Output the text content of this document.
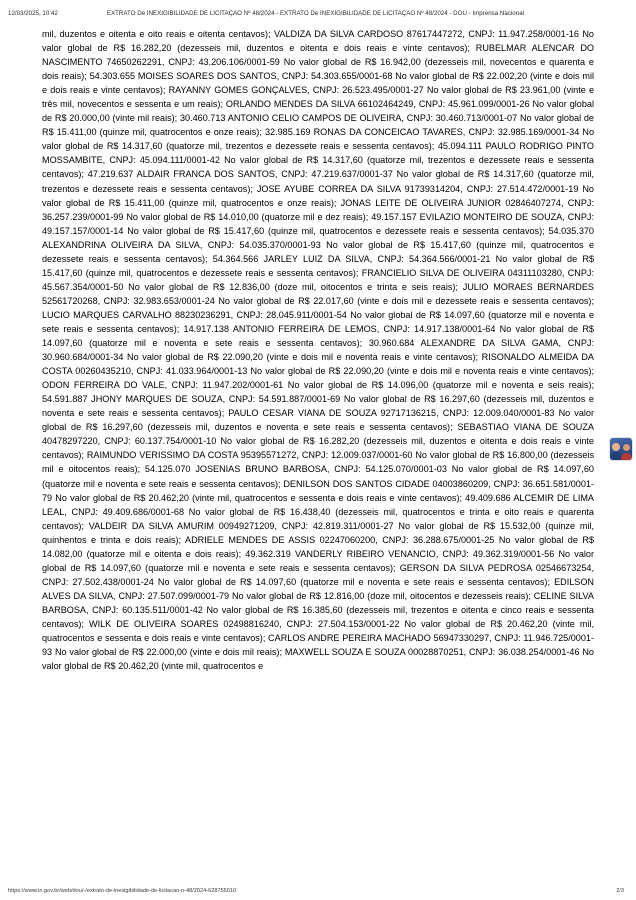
12/03/2025, 10:42	EXTRATO De INEXIGIBILIDADE DE LICITAÇÃO Nº 48/2024 - EXTRATO De INEXIGIBILIDADE DE LICITAÇÃO Nº 48/2024 - DOU - Imprensa Nacional
mil, duzentos e oitenta e oito reais e oitenta centavos); VALDIZA DA SILVA CARDOSO 87617447272, CNPJ: 11.947.258/0001-16 No valor global de R$ 16.282,20 (dezesseis mil, duzentos e oitenta e dois reais e vinte centavos); RUBELMAR ALENCAR DO NASCIMENTO 74650262291, CNPJ: 43.206.106/0001-59 No valor global de R$ 16.942,00 (dezesseis mil, novecentos e quarenta e dois reais); 54.303.655 MOISES SOARES DOS SANTOS, CNPJ: 54.303.655/0001-68 No valor global de R$ 22.002,20 (vinte e dois mil e dois reais e vinte centavos); RAYANNY GOMES GONÇALVES, CNPJ: 26.523.495/0001-27 No valor global de R$ 23.961,00 (vinte e três mil, novecentos e sessenta e um reais); ORLANDO MENDES DA SILVA 66102464249, CNPJ: 45.961.099/0001-26 No valor global de R$ 20.000,00 (vinte mil reais); 30.460.713 ANTONIO CELIO CAMPOS DE OLIVEIRA, CNPJ: 30.460.713/0001-07 No valor global de R$ 15.411,00 (quinze mil, quatrocentos e onze reais); 32.985.169 RONAS DA CONCEICAO TAVARES, CNPJ: 32.985.169/0001-34 No valor global de R$ 14.317,60 (quatorze mil, trezentos e dezessete reais e sessenta centavos); 45.094.111 PAULO RODRIGO PINTO MOSSAMBITE, CNPJ: 45.094.111/0001-42 No valor global de R$ 14.317,60 (quatorze mil, trezentos e dezessete reais e sessenta centavos); 47.219.637 ALDAIR FRANCA DOS SANTOS, CNPJ: 47.219.637/0001-37 No valor global de R$ 14.317,60 (quatorze mil, trezentos e dezessete reais e sessenta centavos); JOSE AYUBE CORREA DA SILVA 91739314204, CNPJ: 27.514.472/0001-19 No valor global de R$ 15.411,00 (quinze mil, quatrocentos e onze reais); JONAS LEITE DE OLIVEIRA JUNIOR 02846407274, CNPJ: 36.257.239/0001-99 No valor global de R$ 14.010,00 (quatorze mil e dez reais); 49.157.157 EVILAZIO MONTEIRO DE SOUZA, CNPJ: 49.157.157/0001-14 No valor global de R$ 15.417,60 (quinze mil, quatrocentos e dezessete reais e sessenta centavos); 54.035.370 ALEXANDRINA OLIVEIRA DA SILVA, CNPJ: 54.035.370/0001-93 No valor global de R$ 15.417,60 (quinze mil, quatrocentos e dezessete reais e sessenta centavos); 54.364.566 JARLEY LUIZ DA SILVA, CNPJ: 54.364.566/0001-21 No valor global de R$ 15.417,60 (quinze mil, quatrocentos e dezessete reais e sessenta centavos); FRANCIELIO SILVA DE OLIVEIRA 04311103280, CNPJ: 45.567.354/0001-50 No valor global de R$ 12.836,00 (doze mil, oitocentos e trinta e seis reais); JULIO MORAES BERNARDES 52561720268, CNPJ: 32.983.653/0001-24 No valor global de R$ 22.017,60 (vinte e dois mil e dezessete reais e sessenta centavos); LUCIO MARQUES CARVALHO 88230236291, CNPJ: 28.045.911/0001-54 No valor global de R$ 14.097,60 (quatorze mil e noventa e sete reais e sessenta centavos); 14.917.138 ANTONIO FERREIRA DE LEMOS, CNPJ: 14.917.138/0001-64 No valor global de R$ 14.097,60 (quatorze mil e noventa e sete reais e sessenta centavos); 30.960.684 ALEXANDRE DA SILVA GAMA, CNPJ: 30.960.684/0001-34 No valor global de R$ 22.090,20 (vinte e dois mil e noventa reais e vinte centavos); RISONALDO ALMEIDA DA COSTA 00260435210, CNPJ: 41.033.964/0001-13 No valor global de R$ 22.090,20 (vinte e dois mil e noventa reais e vinte centavos); ODON FERREIRA DO VALE, CNPJ: 11.947.202/0001-61 No valor global de R$ 14.096,00 (quatorze mil e noventa e seis reais); 54.591.887 JHONY MARQUES DE SOUZA, CNPJ: 54.591.887/0001-69 No valor global de R$ 16.297,60 (dezesseis mil, duzentos e noventa e sete reais e sessenta centavos); PAULO CESAR VIANA DE SOUZA 92717136215, CNPJ: 12.009.040/0001-83 No valor global de R$ 16.297,60 (dezesseis mil, duzentos e noventa e sete reais e sessenta centavos); SEBASTIAO VIANA DE SOUZA 40478297220, CNPJ: 60.137.754/0001-10 No valor global de R$ 16.282,20 (dezesseis mil, duzentos e oitenta e dois reais e vinte centavos); RAIMUNDO VERISSIMO DA COSTA 95395571272, CNPJ: 12.009.037/0001-60 No valor global de R$ 16.800,00 (dezesseis mil e oitocentos reais); 54.125.070 JOSENIAS BRUNO BARBOSA, CNPJ: 54.125.070/0001-03 No valor global de R$ 14.097,60 (quatorze mil e noventa e sete reais e sessenta centavos); DENILSON DOS SANTOS CIDADE 04003860209, CNPJ: 36.651.581/0001-79 No valor global de R$ 20.462,20 (vinte mil, quatrocentos e sessenta e dois reais e vinte centavos); 49.409.686 ALCEMIR DE LIMA LEAL, CNPJ: 49.409.686/0001-68 No valor global de R$ 16.438,40 (dezesseis mil, quatrocentos e trinta e oito reais e quarenta centavos); VALDEIR DA SILVA AMURIM 00949271209, CNPJ: 42.819.311/0001-27 No valor global de R$ 15.532,00 (quinze mil, quinhentos e trinta e dois reais); ADRIELE MENDES DE ASSIS 02247060200, CNPJ: 36.288.675/0001-25 No valor global de R$ 14.082,00 (quatorze mil e oitenta e dois reais); 49.362.319 VANDERLY RIBEIRO VENANCIO, CNPJ: 49.362.319/0001-56 No valor global de R$ 14.097,60 (quatorze mil e noventa e sete reais e sessenta centavos); GERSON DA SILVA PEDROSA 02546673254, CNPJ: 27.502.438/0001-24 No valor global de R$ 14.097,60 (quatorze mil e noventa e sete reais e sessenta centavos); EDILSON ALVES DA SILVA, CNPJ: 27.507.099/0001-79 No valor global de R$ 12.816,00 (doze mil, oitocentos e dezesseis reais); CELINE SILVA BARBOSA, CNPJ: 60.135.511/0001-42 No valor global de R$ 16.385,60 (dezesseis mil, trezentos e oitenta e cinco reais e sessenta centavos); WILK DE OLIVEIRA SOARES 02498816240, CNPJ: 27.504.153/0001-22 No valor global de R$ 20.462,20 (vinte mil, quatrocentos e sessenta e dois reais e vinte centavos); CARLOS ANDRE PEREIRA MACHADO 56947330297, CNPJ: 11.946.725/0001-93 No valor global de R$ 22.000,00 (vinte e dois mil reais); MAXWELL SOUZA E SOUZA 00028870251, CNPJ: 36.038.254/0001-46 No valor global de R$ 20.462,20 (vinte mil, quatrocentos e
https://www.in.gov.br/web/dou/-/extrato-de-inexigibilidade-de-licitacao-n-48/2024-628755010	2/3
